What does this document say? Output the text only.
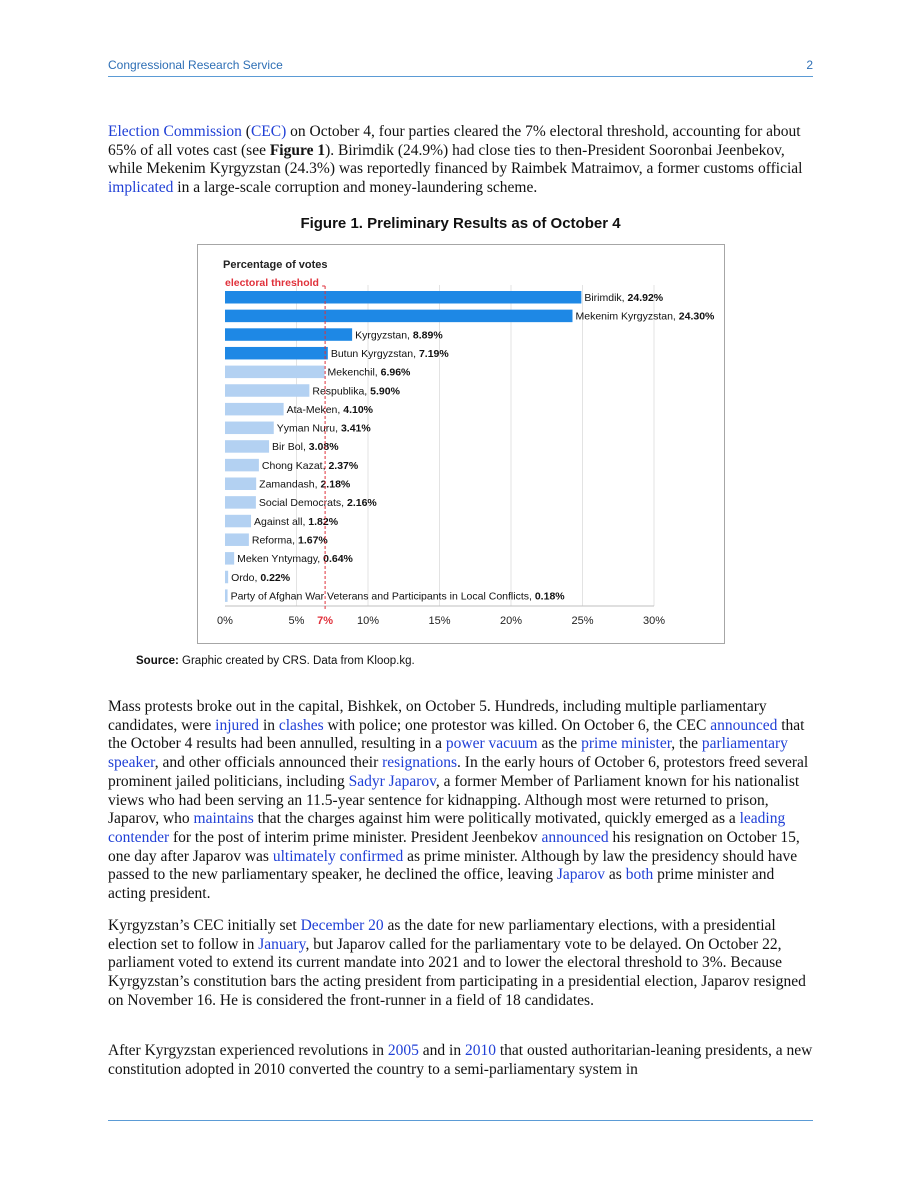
Congressional Research Service	2

Election Commission (CEC) on October 4, four parties cleared the 7% electoral threshold, accounting for about 65% of all votes cast (see Figure 1). Birimdik (24.9%) had close ties to then-President Sooronbai Jeenbekov, while Mekenim Kyrgyzstan (24.3%) was reportedly financed by Raimbek Matraimov, a former customs official implicated in a large-scale corruption and money-laundering scheme.

Figure 1. Preliminary Results as of October 4
0%	5%	10%	15%	20%	25%	30%
Percentage of votes
electoral threshold
Birimdik, 24.92%
Mekenim Kyrgyzstan, 24.30%
Kyrgyzstan, 8.89%
Butun Kyrgyzstan, 7.19%
Mekenchil, 6.96%
Respublika, 5.90%
Ata-Meken, 4.10%
Yyman Nuru, 3.41%
Bir Bol, 3.08%
Chong Kazat, 2.37%
Zamandash, 2.18%
Social Democrats, 2.16%
Against all, 1.82%
Reforma, 1.67%
Meken Yntymagy, 0.64%
Ordo, 0.22%
Party of Afghan War Veterans and Participants in Local Conflicts, 0.18%
7%
Source: Graphic created by CRS. Data from Kloop.kg.

Mass protests broke out in the capital, Bishkek, on October 5. Hundreds, including multiple parliamentary candidates, were injured in clashes with police; one protestor was killed. On October 6, the CEC announced that the October 4 results had been annulled, resulting in a power vacuum as the prime minister, the parliamentary speaker, and other officials announced their resignations. In the early hours of October 6, protestors freed several prominent jailed politicians, including Sadyr Japarov, a former Member of Parliament known for his nationalist views who had been serving an 11.5-year sentence for kidnapping. Although most were returned to prison, Japarov, who maintains that the charges against him were politically motivated, quickly emerged as a leading contender for the post of interim prime minister. President Jeenbekov announced his resignation on October 15, one day after Japarov was ultimately confirmed as prime minister. Although by law the presidency should have passed to the new parliamentary speaker, he declined the office, leaving Japarov as both prime minister and acting president.

Kyrgyzstan’s CEC initially set December 20 as the date for new parliamentary elections, with a presidential election set to follow in January, but Japarov called for the parliamentary vote to be delayed. On October 22, parliament voted to extend its current mandate into 2021 and to lower the electoral threshold to 3%. Because Kyrgyzstan’s constitution bars the acting president from participating in a presidential election, Japarov resigned on November 16. He is considered the front-runner in a field of 18 candidates.

After Kyrgyzstan experienced revolutions in 2005 and in 2010 that ousted authoritarian-leaning presidents, a new constitution adopted in 2010 converted the country to a semi-parliamentary system in
